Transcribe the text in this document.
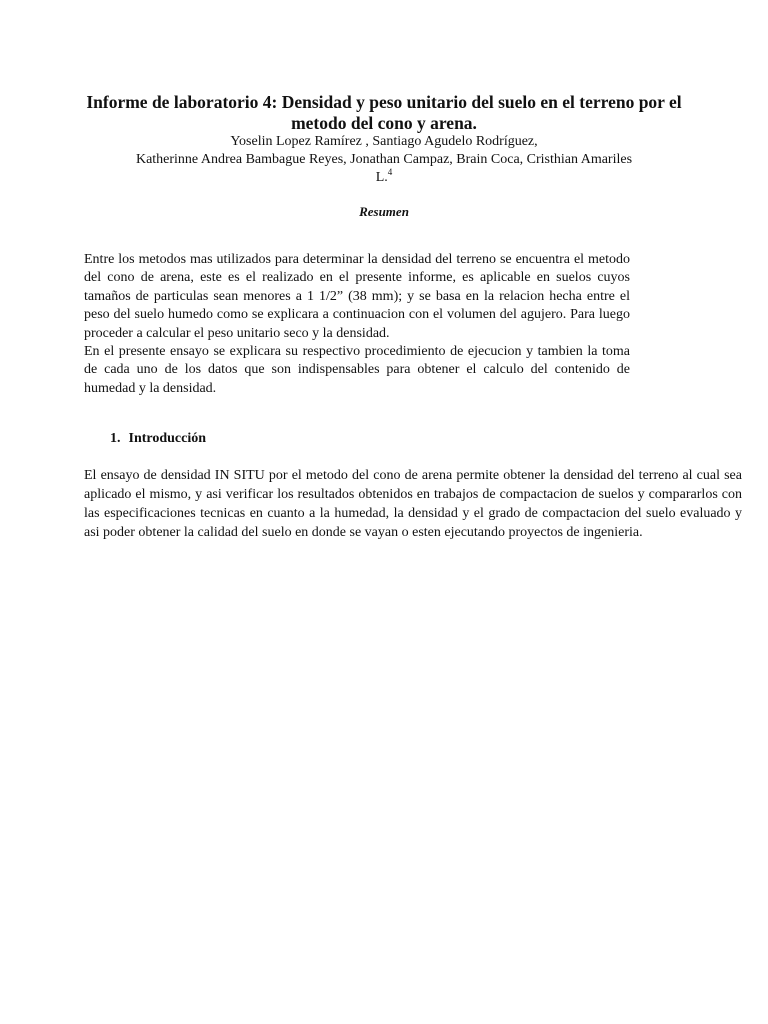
Informe de laboratorio 4: Densidad y peso unitario del suelo en el terreno por el metodo del cono y arena.
Yoselin Lopez Ramírez , Santiago Agudelo Rodríguez,

Katherinne Andrea Bambague Reyes, Jonathan Campaz, Brain Coca, Cristhian Amariles
L.$^4$
Resumen

Entre los metodos mas utilizados para determinar la densidad del terreno se encuentra el metodo del cono de arena, este es el realizado en el presente informe, es aplicable en suelos cuyos tamaños de particulas sean menores a 1 1/2” (38 mm); y se basa en la relacion hecha entre el peso del suelo humedo como se explicara a continuacion con el volumen del agujero. Para luego proceder a calcular el peso unitario seco y la densidad.

En el presente ensayo se explicara su respectivo procedimiento de ejecucion y tambien la toma de cada uno de los datos que son indispensables para obtener el calculo del contenido de humedad y la densidad.

1. Introducción

El ensayo de densidad IN SITU por el metodo del cono de arena permite obtener la densidad del terreno al cual sea aplicado el mismo, y asi verificar los resultados obtenidos en trabajos de compactacion de suelos y compararlos con las especificaciones tecnicas en cuanto a la humedad, la densidad y el grado de compactacion del suelo evaluado y asi poder obtener la calidad del suelo en donde se vayan o esten ejecutando proyectos de ingenieria.
